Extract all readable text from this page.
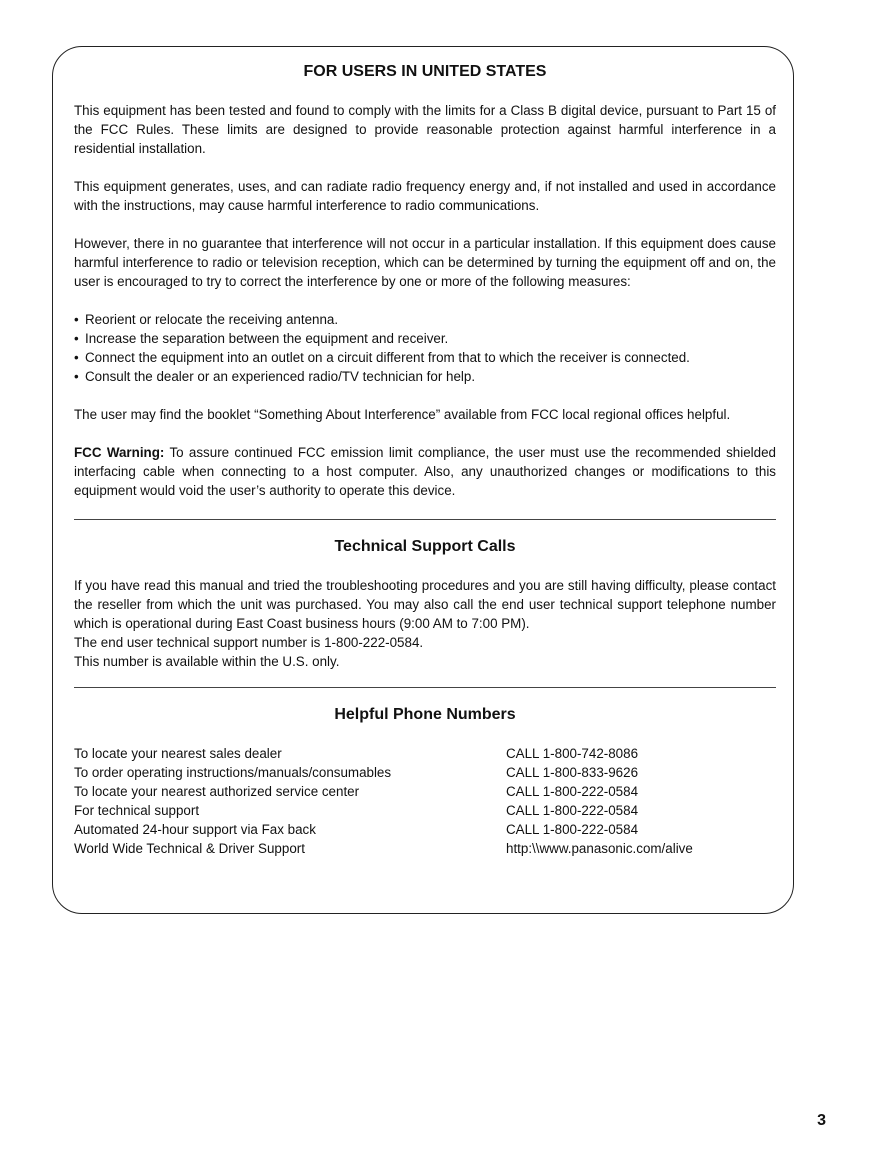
FOR USERS IN UNITED STATES

This equipment has been tested and found to comply with the limits for a Class B digital device, pursuant to Part 15 of the FCC Rules. These limits are designed to provide reasonable protection against harmful interference in a residential installation.

This equipment generates, uses, and can radiate radio frequency energy and, if not installed and used in accordance with the instructions, may cause harmful interference to radio communications.

However, there in no guarantee that interference will not occur in a particular installation. If this equipment does cause harmful interference to radio or television reception, which can be determined by turning the equipment off and on, the user is encouraged to try to correct the interference by one or more of the following measures:

• Reorient or relocate the receiving antenna.
• Increase the separation between the equipment and receiver.
• Connect the equipment into an outlet on a circuit different from that to which the receiver is connected.
• Consult the dealer or an experienced radio/TV technician for help.

The user may find the booklet “Something About Interference” available from FCC local regional offices helpful.

FCC Warning: To assure continued FCC emission limit compliance, the user must use the recommended shielded interfacing cable when connecting to a host computer. Also, any unauthorized changes or modifications to this equipment would void the user’s authority to operate this device.

Technical Support Calls

If you have read this manual and tried the troubleshooting procedures and you are still having difficulty, please contact the reseller from which the unit was purchased. You may also call the end user technical support telephone number which is operational during East Coast business hours (9:00 AM to 7:00 PM).
The end user technical support number is 1-800-222-0584.
This number is available within the U.S. only.

Helpful Phone Numbers
To locate your nearest sales dealer	CALL 1-800-742-8086
To order operating instructions/manuals/consumables	CALL 1-800-833-9626
To locate your nearest authorized service center	CALL 1-800-222-0584
For technical support	CALL 1-800-222-0584
Automated 24-hour support via Fax back	CALL 1-800-222-0584
World Wide Technical & Driver Support	http:\\www.panasonic.com/alive
3
